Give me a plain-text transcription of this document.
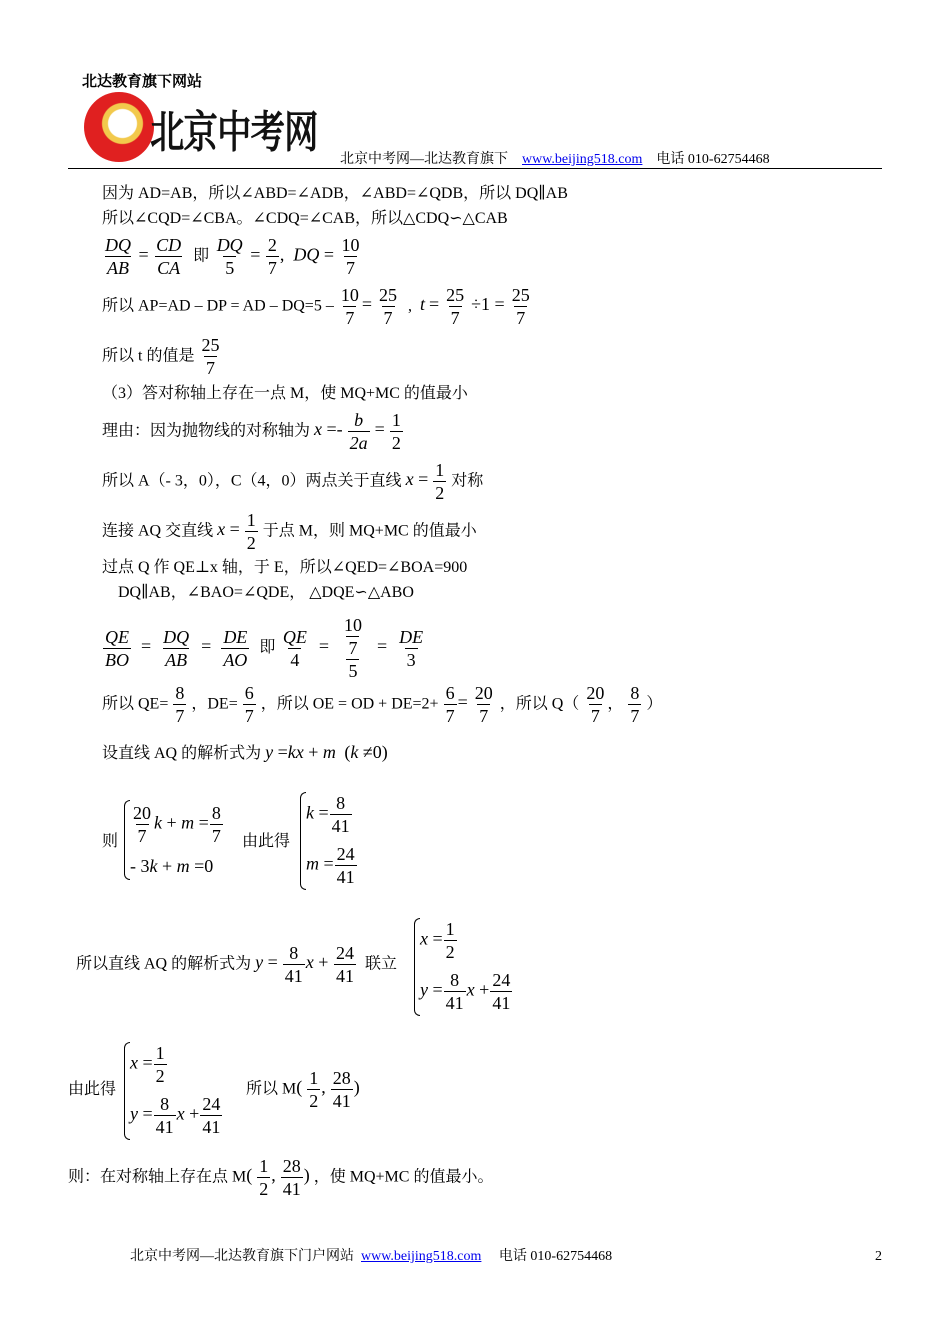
北达教育旗下网站
北京中考网
北京中考网—北达教育旗下 www.beijing518.com 电话 010-62754468
因为 AD=AB，所以∠ABD=∠ADB，∠ABD=∠QDB，所以 DQ∥AB
所以∠CQD=∠CBA。∠CDQ=∠CAB，所以△CDQ∽△CAB
$\frac{DQ}{AB} = \frac{CD}{CA}$ 即 $\frac{DQ}{5} = \frac{2}{7}$ ,  DQ = $\frac{10}{7}$
所以 AP=AD – DP = AD – $DQ=5 - \frac{10}{7} = \frac{25}{7}$ ,  $t = \frac{25}{7} \div 1 = \frac{25}{7}$
所以 t 的值是 $\frac{25}{7}$
（3）答对称轴上存在一点 M，使 MQ+MC 的值最小
理由：因为抛物线的对称轴为 $x =- \frac{b}{2a} = \frac{1}{2}$
所以 A（- 3，0），C（4，0）两点关于直线 $x = \frac{1}{2}$ 对称
连接 AQ 交直线 $x = \frac{1}{2}$ 于点 M，则 MQ+MC 的值最小
过点 Q 作 QE⊥x 轴，于 E，所以∠QED=∠BOA=900
DQ∥AB，∠BAO=∠QDE， △DQE∽△ABO
$\frac{QE}{BO} = \frac{DQ}{AB} = \frac{DE}{AO}$ 即 $\frac{QE}{4} = \frac{\frac{10}{7}}{5} = \frac{DE}{3}$
所以 $QE= \frac{8}{7}$ ，$DE= \frac{6}{7}$ ，所以 OE = OD + $DE=2+ \frac{6}{7} = \frac{20}{7}$ ，所以 $Q( \frac{20}{7}$ ， $\frac{8}{7}$ ）
设直线 AQ 的解析式为 y =kx + m  (k ≠0)
则 $\frac{20}{7}$ $k + m = \frac{8}{7}$
- 3k + m =0
由此得
$k = \frac{8}{41}$
$m = \frac{24}{41}$
所以直线 AQ 的解析式为 $y = \frac{8}{41}$ $x + \frac{24}{41}$ 联立
$x = \frac{1}{2}$
$y = \frac{8}{41}$ $x + \frac{24}{41}$
由此得
$x = \frac{1}{2}$
$y = \frac{8}{41}$ $x + \frac{24}{41}$
所以 $M( \frac{1}{2}$ , $\frac{28}{41}$ )
则：在对称轴上存在点 $M( \frac{1}{2}$ , $\frac{28}{41}$ ) ，使 MQ+MC 的值最小。
北京中考网—北达教育旗下门户网站 www.beijing518.com 电话 010-62754468	2
